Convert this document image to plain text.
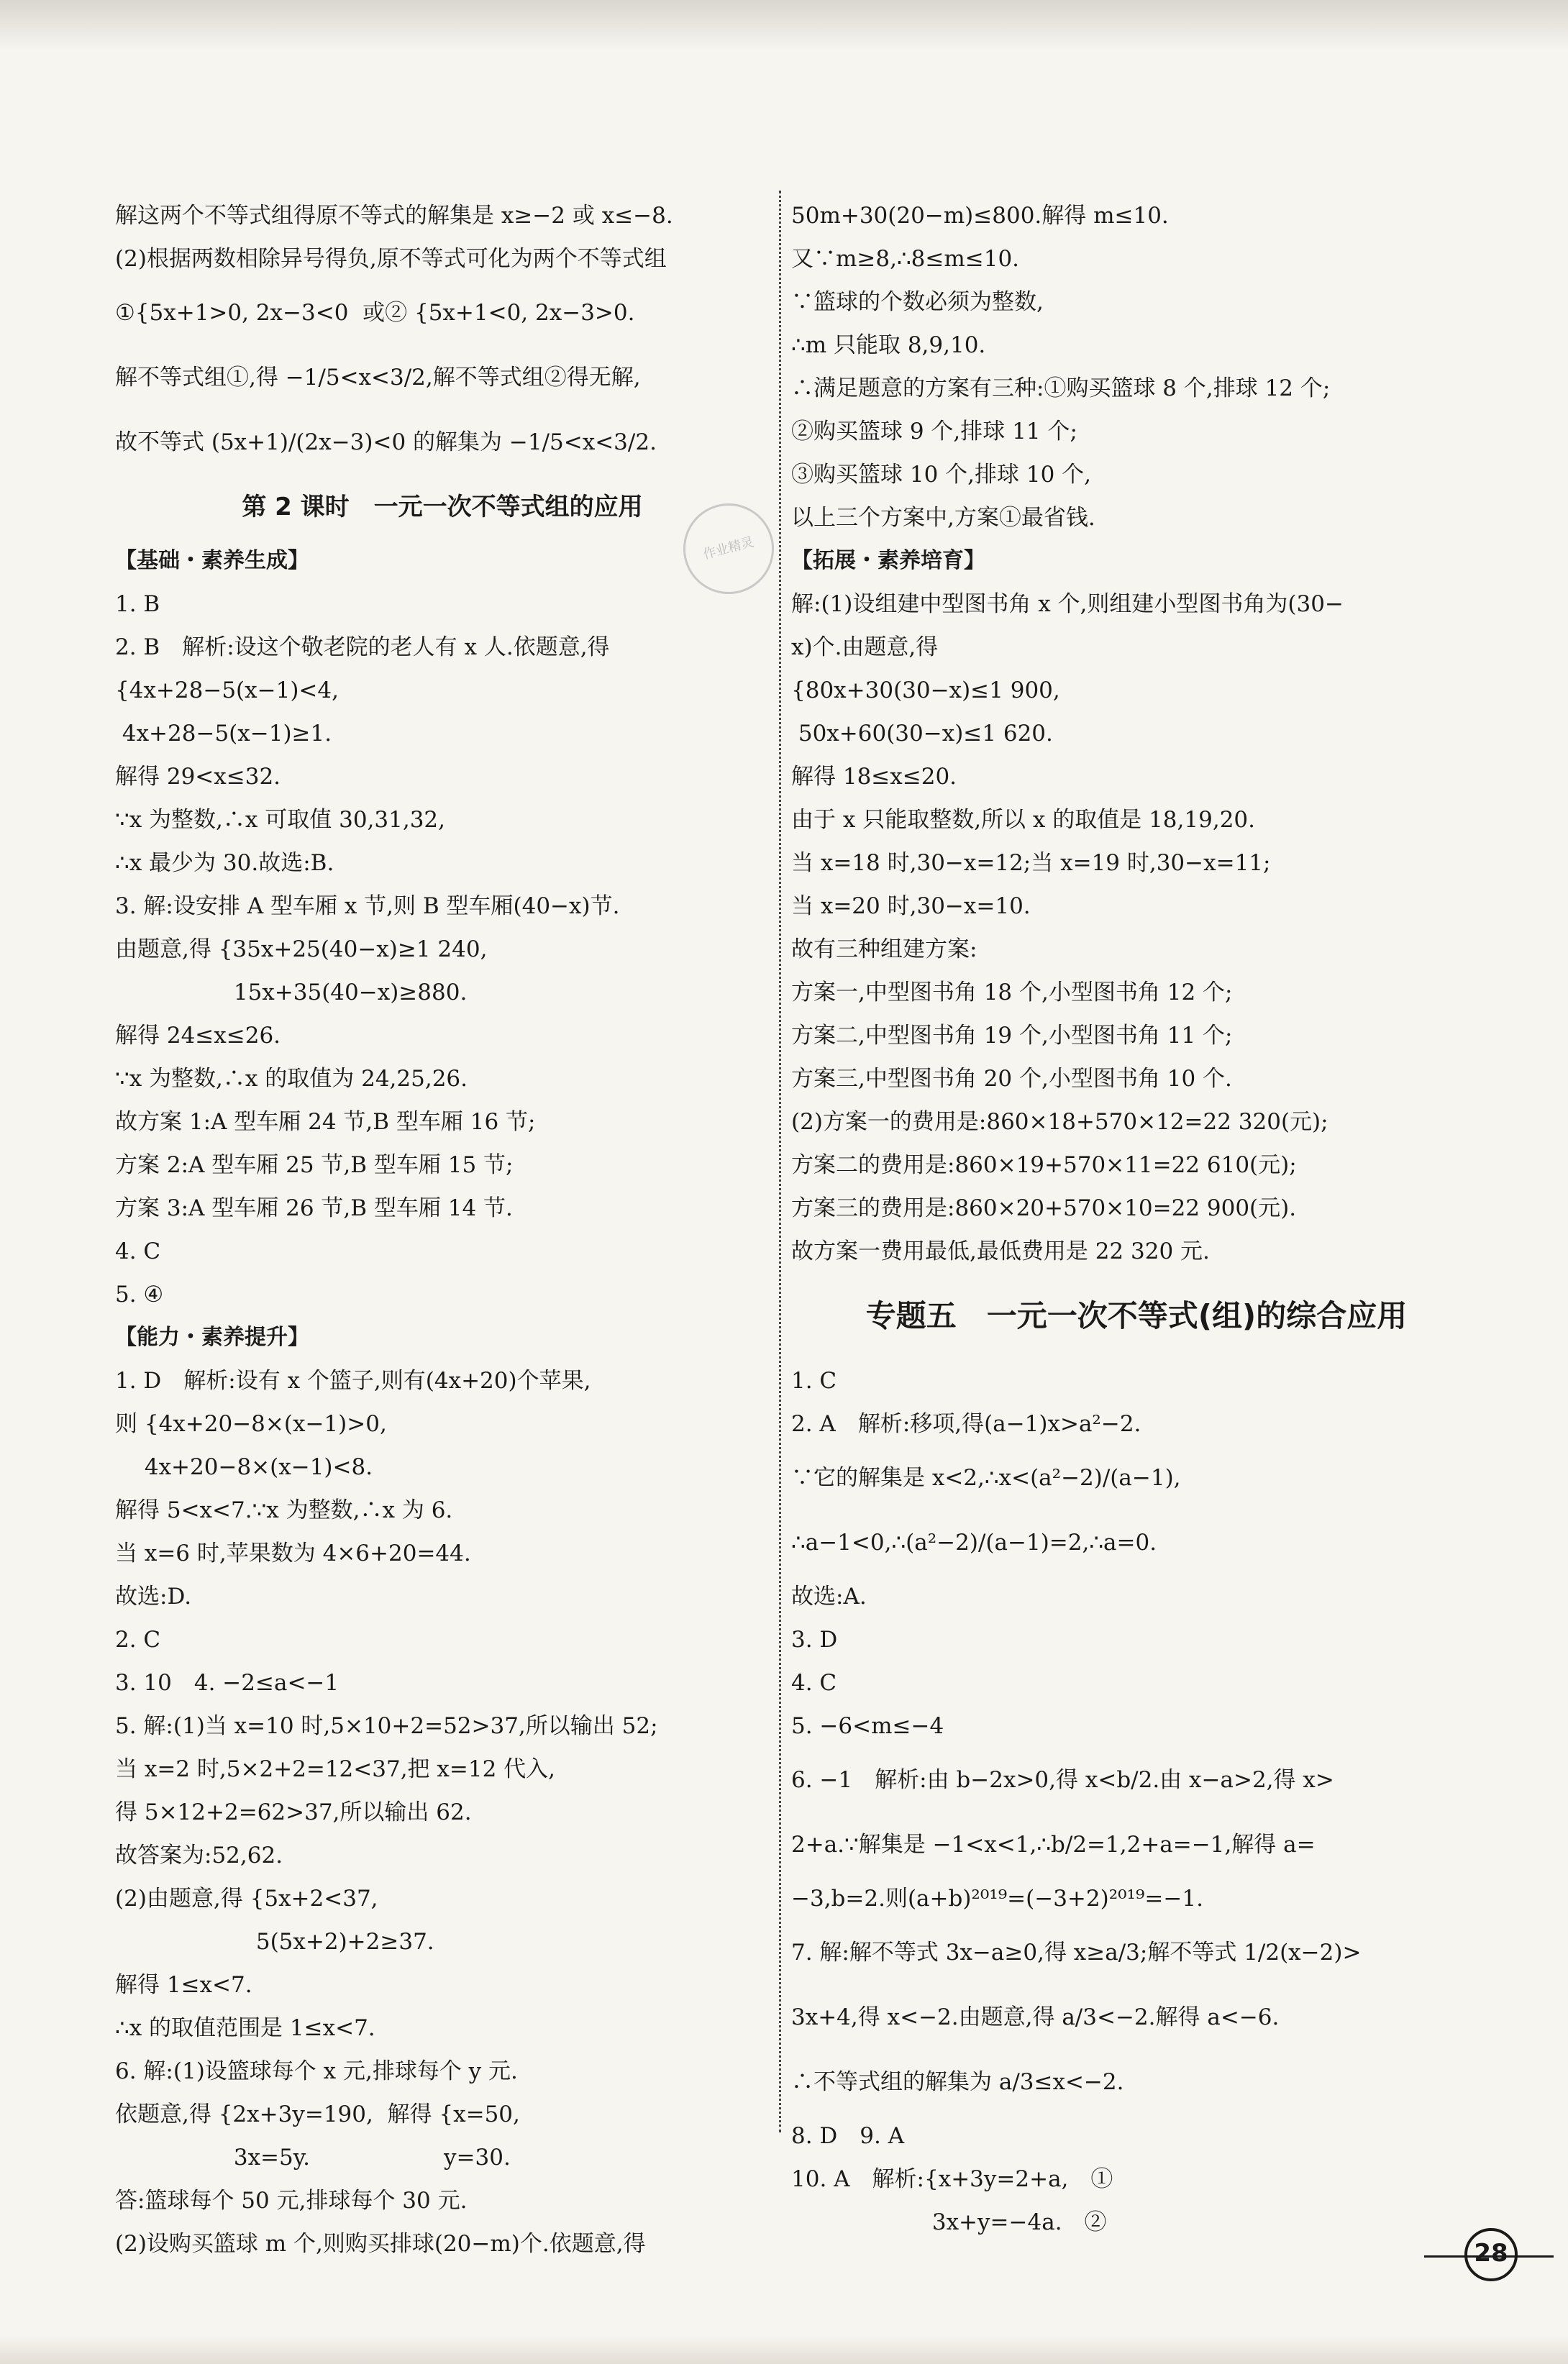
解这两个不等式组得原不等式的解集是 x≥−2 或 x≤−8.
(2)根据两数相除异号得负,原不等式可化为两个不等式组
①{5x+1>0, 2x−3<0  或② {5x+1<0, 2x−3>0.
解不等式组①,得 −1/5<x<3/2,解不等式组②得无解,
故不等式 (5x+1)/(2x−3)<0 的解集为 −1/5<x<3/2.
第 2 课时　一元一次不等式组的应用
【基础・素养生成】
1. B
2. B　解析:设这个敬老院的老人有 x 人.依题意,得
{4x+28−5(x−1)<4,
4x+28−5(x−1)≥1.
解得 29<x≤32.
∵x 为整数,∴x 可取值 30,31,32,
∴x 最少为 30.故选:B.
3. 解:设安排 A 型车厢 x 节,则 B 型车厢(40−x)节.
由题意,得 {35x+25(40−x)≥1 240,
　　　　　 15x+35(40−x)≥880.
解得 24≤x≤26.
∵x 为整数,∴x 的取值为 24,25,26.
故方案 1:A 型车厢 24 节,B 型车厢 16 节;
方案 2:A 型车厢 25 节,B 型车厢 15 节;
方案 3:A 型车厢 26 节,B 型车厢 14 节.
4. C
5. ④
【能力・素养提升】
1. D　解析:设有 x 个篮子,则有(4x+20)个苹果,
则 {4x+20−8×(x−1)>0,
　 4x+20−8×(x−1)<8.
解得 5<x<7.∵x 为整数,∴x 为 6.
当 x=6 时,苹果数为 4×6+20=44.
故选:D.
2. C
3. 10　4. −2≤a<−1
5. 解:(1)当 x=10 时,5×10+2=52>37,所以输出 52;
当 x=2 时,5×2+2=12<37,把 x=12 代入,
得 5×12+2=62>37,所以输出 62.
故答案为:52,62.
(2)由题意,得 {5x+2<37,
　　　　　　 5(5x+2)+2≥37.
解得 1≤x<7.
∴x 的取值范围是 1≤x<7.
6. 解:(1)设篮球每个 x 元,排球每个 y 元.
依题意,得 {2x+3y=190,  解得 {x=50,
　　　　　 3x=5y.　　　　　　y=30.
答:篮球每个 50 元,排球每个 30 元.
(2)设购买篮球 m 个,则购买排球(20−m)个.依题意,得
50m+30(20−m)≤800.解得 m≤10.
又∵m≥8,∴8≤m≤10.
∵篮球的个数必须为整数,
∴m 只能取 8,9,10.
∴满足题意的方案有三种:①购买篮球 8 个,排球 12 个;
②购买篮球 9 个,排球 11 个;
③购买篮球 10 个,排球 10 个,
以上三个方案中,方案①最省钱.
【拓展・素养培育】
解:(1)设组建中型图书角 x 个,则组建小型图书角为(30−
x)个.由题意,得
{80x+30(30−x)≤1 900,
50x+60(30−x)≤1 620.
解得 18≤x≤20.
由于 x 只能取整数,所以 x 的取值是 18,19,20.
当 x=18 时,30−x=12;当 x=19 时,30−x=11;
当 x=20 时,30−x=10.
故有三种组建方案:
方案一,中型图书角 18 个,小型图书角 12 个;
方案二,中型图书角 19 个,小型图书角 11 个;
方案三,中型图书角 20 个,小型图书角 10 个.
(2)方案一的费用是:860×18+570×12=22 320(元);
方案二的费用是:860×19+570×11=22 610(元);
方案三的费用是:860×20+570×10=22 900(元).
故方案一费用最低,最低费用是 22 320 元.
专题五　一元一次不等式(组)的综合应用
1. C
2. A　解析:移项,得(a−1)x>a²−2.
∵它的解集是 x<2,∴x<(a²−2)/(a−1),
∴a−1<0,∴(a²−2)/(a−1)=2,∴a=0.
故选:A.
3. D
4. C
5. −6<m≤−4
6. −1　解析:由 b−2x>0,得 x<b/2.由 x−a>2,得 x>
2+a.∵解集是 −1<x<1,∴b/2=1,2+a=−1,解得 a=
−3,b=2.则(a+b)²⁰¹⁹=(−3+2)²⁰¹⁹=−1.
7. 解:解不等式 3x−a≥0,得 x≥a/3;解不等式 1/2(x−2)>
3x+4,得 x<−2.由题意,得 a/3<−2.解得 a<−6.
∴不等式组的解集为 a/3≤x<−2.
8. D　9. A
10. A　解析:{x+3y=2+a,　①
　　　　　　 3x+y=−4a.　②
作业精灵
28
